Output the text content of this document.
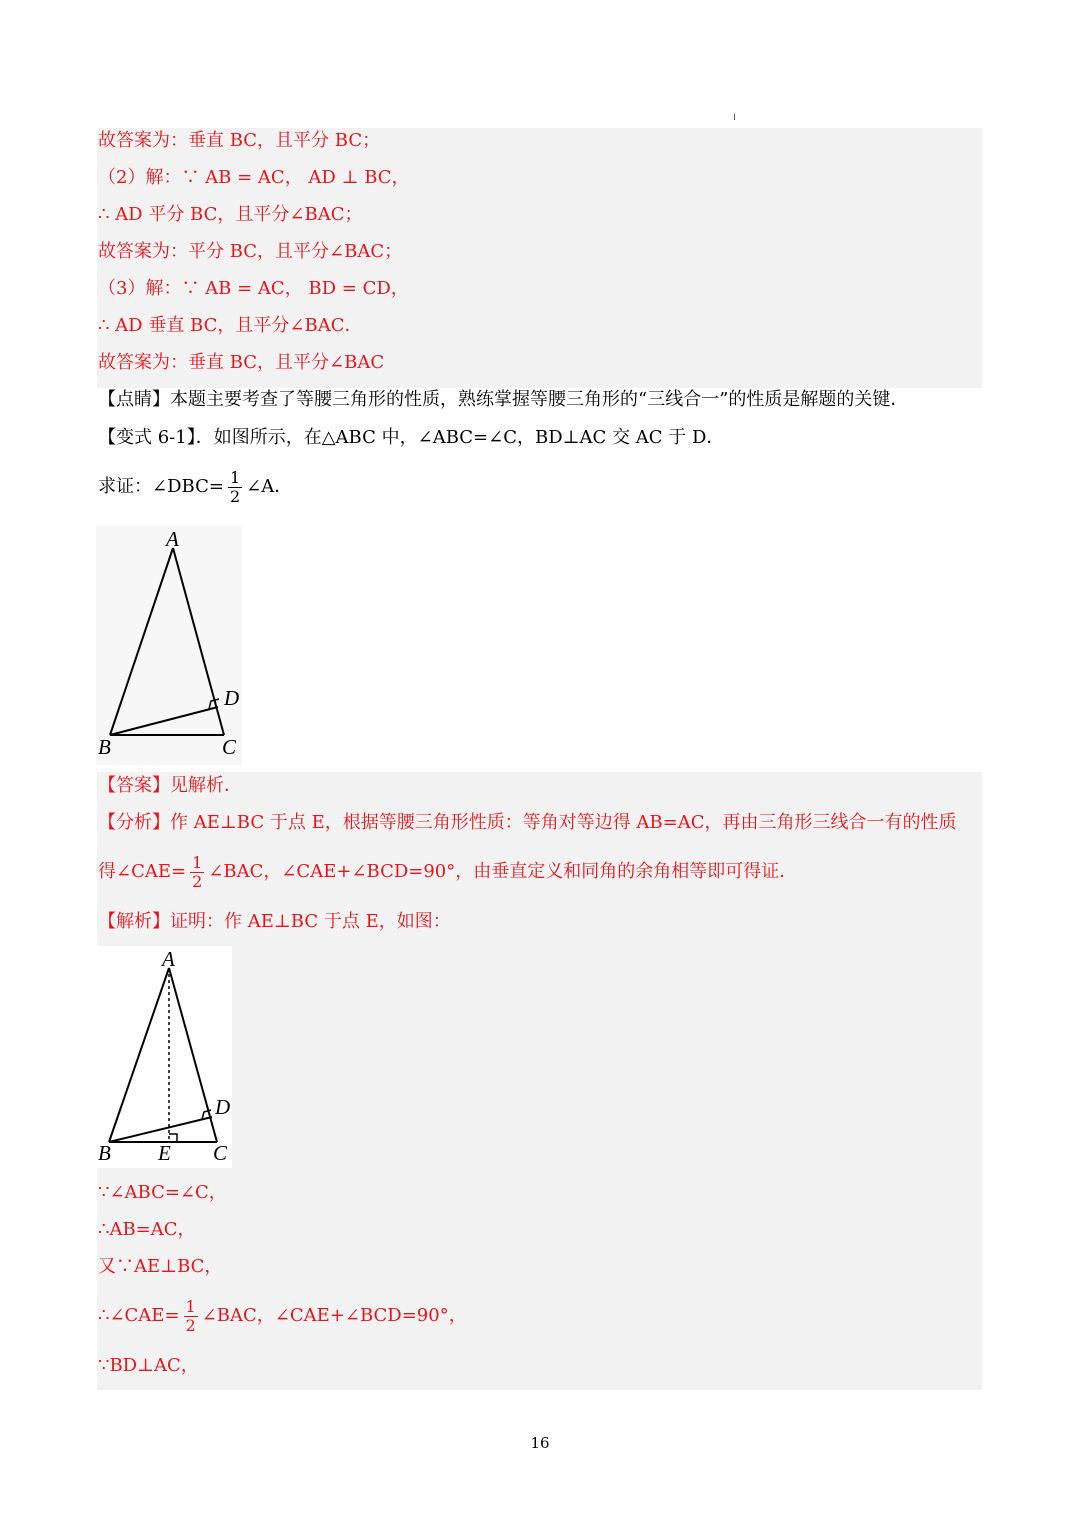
故答案为：垂直 BC，且平分 BC；
（2）解：∵ AB = AC， AD ⊥ BC，
∴ AD 平分 BC，且平分∠BAC；
故答案为：平分 BC，且平分∠BAC；
（3）解：∵ AB = AC， BD = CD，
∴ AD 垂直 BC，且平分∠BAC．
故答案为：垂直 BC，且平分∠BAC
【点睛】本题主要考查了等腰三角形的性质，熟练掌握等腰三角形的“三线合一”的性质是解题的关键．
【变式 6-1】．如图所示，在△ABC 中，∠ABC=∠C，BD⊥AC 交 AC 于 D．
求证：∠DBC= $\frac{1}{2}$ ∠A．
A
B	C
D
【答案】见解析．
【分析】作 AE⊥BC 于点 E，根据等腰三角形性质：等角对等边得 AB=AC，再由三角形三线合一有的性质
得∠CAE= $\frac{1}{2}$ ∠BAC，∠CAE+∠BCD=90°，由垂直定义和同角的余角相等即可得证．
【解析】证明：作 AE⊥BC 于点 E，如图：
A
B E C
D
∵∠ABC=∠C，
∴AB=AC，
又∵AE⊥BC，
∴∠CAE= $\frac{1}{2}$ ∠BAC，∠CAE+∠BCD=90°，
∵BD⊥AC，
16
